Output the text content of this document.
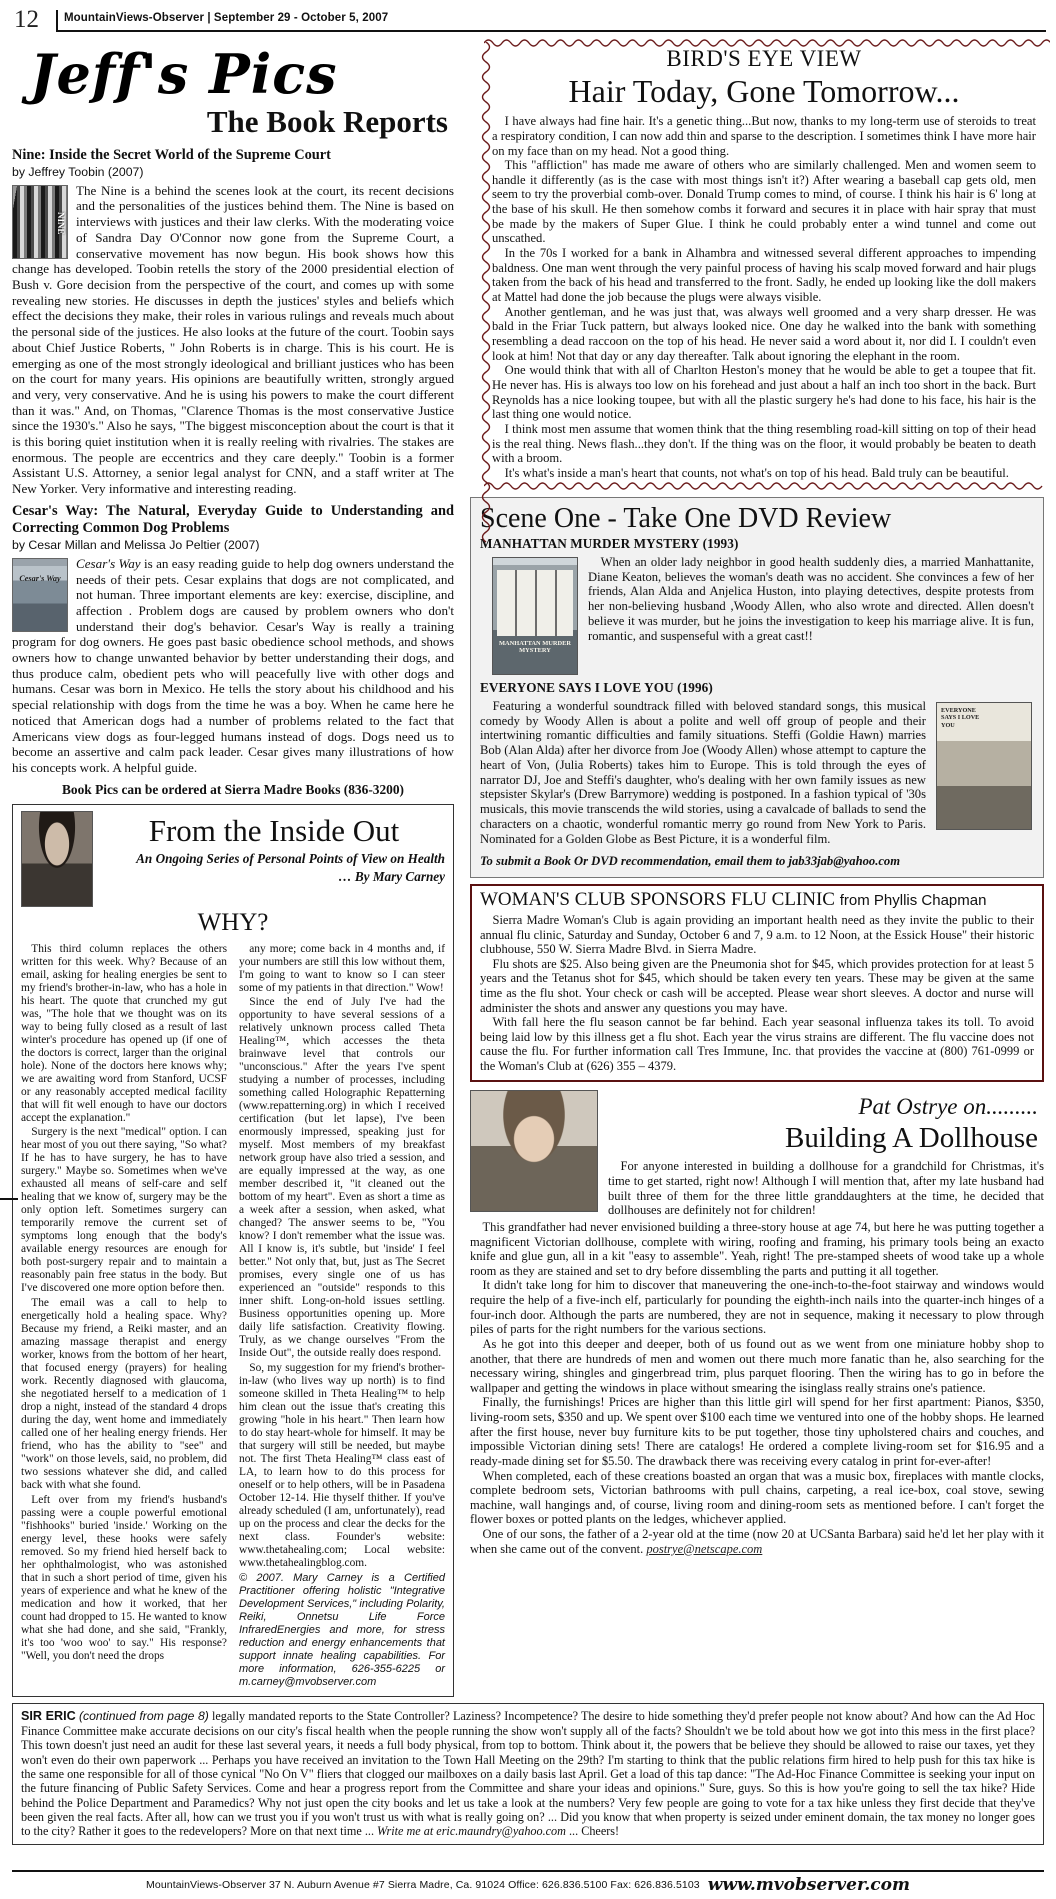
12 MountainViews-Observer | September 29 - October 5, 2007
Jeff's Pics
The Book Reports
Nine: Inside the Secret World of the Supreme Court
by Jeffrey Toobin (2007)
NINE
The Nine is a behind the scenes look at the court, its recent decisions and the personalities of the justices behind them. The Nine is based on interviews with justices and their law clerks. With the moderating voice of Sandra Day O'Connor now gone from the Supreme Court, a conservative movement has now begun. His book shows how this change has developed. Toobin retells the story of the 2000 presidential election of Bush v. Gore decision from the perspective of the court, and comes up with some revealing new stories. He discusses in depth the justices' styles and beliefs which effect the decisions they make, their roles in various rulings and reveals much about the personal side of the justices. He also looks at the future of the court. Toobin says about Chief Justice Roberts, " John Roberts is in charge. This is his court. He is emerging as one of the most strongly ideological and brilliant justices who has been on the court for many years. His opinions are beautifully written, strongly argued and very, very conservative. And he is using his powers to make the court different than it was." And, on Thomas, "Clarence Thomas is the most conservative Justice since the 1930's." Also he says, "The biggest misconception about the court is that it is this boring quiet institution when it is really reeling with rivalries. The stakes are enormous. The people are eccentrics and they care deeply." Toobin is a former Assistant U.S. Attorney, a senior legal analyst for CNN, and a staff writer at The New Yorker. Very informative and interesting reading.
Cesar's Way: The Natural, Everyday Guide to Understanding and Correcting Common Dog Problems
by Cesar Millan and Melissa Jo Peltier (2007)
Cesar's Way
Cesar's Way is an easy reading guide to help dog owners understand the needs of their pets. Cesar explains that dogs are not complicated, and not human. Three important elements are key: exercise, discipline, and affection . Problem dogs are caused by problem owners who don't understand their dog's behavior. Cesar's Way is really a training program for dog owners. He goes past basic obedience school methods, and shows owners how to change unwanted behavior by better understanding their dogs, and thus produce calm, obedient pets who will peacefully live with other dogs and humans. Cesar was born in Mexico. He tells the story about his childhood and his special relationship with dogs from the time he was a boy. When he came here he noticed that American dogs had a number of problems related to the fact that Americans view dogs as four-legged humans instead of dogs. Dogs need us to become an assertive and calm pack leader. Cesar gives many illustrations of how his concepts work. A helpful guide.
Book Pics can be ordered at Sierra Madre Books (836-3200)
From the Inside Out
An Ongoing Series of Personal Points of View on Health
… By Mary Carney
WHY?

This third column replaces the others written for this week. Why? Because of an email, asking for healing energies be sent to my friend's brother-in-law, who has a hole in his heart. The quote that crunched my gut was, "The hole that we thought was on its way to being fully closed as a result of last winter's procedure has opened up (if one of the doctors is correct, larger than the original hole). None of the doctors here knows why; we are awaiting word from Stanford, UCSF or any reasonably accepted medical facility that will fit well enough to have our doctors accept the explanation."

Surgery is the next "medical" option. I can hear most of you out there saying, "So what? If he has to have surgery, he has to have surgery." Maybe so. Sometimes when we've exhausted all means of self-care and self healing that we know of, surgery may be the only option left. Sometimes surgery can temporarily remove the current set of symptoms long enough that the body's available energy resources are enough for both post-surgery repair and to maintain a reasonably pain free status in the body. But I've discovered one more option before then.

The email was a call to help to energetically hold a healing space. Why? Because my friend, a Reiki master, and an amazing massage therapist and energy worker, knows from the bottom of her heart, that focused energy (prayers) for healing work. Recently diagnosed with glaucoma, she negotiated herself to a medication of 1 drop a night, instead of the standard 4 drops during the day, went home and immediately called one of her healing energy friends. Her friend, who has the ability to "see" and "work" on those levels, said, no problem, did two sessions whatever she did, and called back with what she found.

Left over from my friend's husband's passing were a couple powerful emotional "fishhooks" buried 'inside.' Working on the energy level, these hooks were safely removed. So my friend hied herself back to her ophthalmologist, who was astonished that in such a short period of time, given his years of experience and what he knew of the medication and how it worked, that her count had dropped to 15. He wanted to know what she had done, and she said, "Frankly, it's too 'woo woo' to say." His response? "Well, you don't need the drops

any more; come back in 4 months and, if your numbers are still this low without them, I'm going to want to know so I can steer some of my patients in that direction." Wow!

Since the end of July I've had the opportunity to have several sessions of a relatively unknown process called Theta Healing™, which accesses the theta brainwave level that controls our "unconscious." After the years I've spent studying a number of processes, including something called Holographic Repatterning (www.repatterning.org) in which I received certification (but let lapse), I've been enormously impressed, speaking just for myself. Most members of my breakfast network group have also tried a session, and are equally impressed at the way, as one member described it, "it cleaned out the bottom of my heart". Even as short a time as a week after a session, when asked, what changed? The answer seems to be, "You know? I don't remember what the issue was. All I know is, it's subtle, but 'inside' I feel better." Not only that, but, just as The Secret promises, every single one of us has experienced an "outside" responds to this inner shift. Long-on-hold issues settling. Business opportunities opening up. More daily life satisfaction. Creativity flowing. Truly, as we change ourselves "From the Inside Out", the outside really does respond.

So, my suggestion for my friend's brother-in-law (who lives way up north) is to find someone skilled in Theta Healing™ to help him clean out the issue that's creating this growing "hole in his heart." Then learn how to do stay heart-whole for himself. It may be that surgery will still be needed, but maybe not. The first Theta Healing™ class east of LA, to learn how to do this process for oneself or to help others, will be in Pasadena October 12-14. Hie thyself thither. If you've already scheduled (I am, unfortunately), read up on the process and clear the decks for the next class. Founder's website: www.thetahealing.com; Local website: www.thetahealingblog.com.

© 2007. Mary Carney is a Certified Practitioner offering holistic "Integrative Development Services," including Polarity, Reiki, Onnetsu Life Force InfraredEnergies and more, for stress reduction and energy enhancements that support innate healing capabilities. For more information, 626-355-6225 or m.carney@mvobserver.com

BIRD'S EYE VIEW
Hair Today, Gone Tomorrow...

I have always had fine hair. It's a genetic thing...But now, thanks to my long-term use of steroids to treat a respiratory condition, I can now add thin and sparse to the description. I sometimes think I have more hair on my face than on my head. Not a good thing.

This "affliction" has made me aware of others who are similarly challenged. Men and women seem to handle it differently (as is the case with most things isn't it?) After wearing a baseball cap gets old, men seem to try the proverbial comb-over. Donald Trump comes to mind, of course. I think his hair is 6' long at the base of his skull. He then somehow combs it forward and secures it in place with hair spray that must be made by the makers of Super Glue. I think he could probably enter a wind tunnel and come out unscathed.

In the 70s I worked for a bank in Alhambra and witnessed several different approaches to impending baldness. One man went through the very painful process of having his scalp moved forward and hair plugs taken from the back of his head and transferred to the front. Sadly, he ended up looking like the doll makers at Mattel had done the job because the plugs were always visible.

Another gentleman, and he was just that, was always well groomed and a very sharp dresser. He was bald in the Friar Tuck pattern, but always looked nice. One day he walked into the bank with something resembling a dead raccoon on the top of his head. He never said a word about it, nor did I. I couldn't even look at him! Not that day or any day thereafter. Talk about ignoring the elephant in the room.

One would think that with all of Charlton Heston's money that he would be able to get a toupee that fit. He never has. His is always too low on his forehead and just about a half an inch too short in the back. Burt Reynolds has a nice looking toupee, but with all the plastic surgery he's had done to his face, his hair is the last thing one would notice.

I think most men assume that women think that the thing resembling road-kill sitting on top of their head is the real thing. News flash...they don't. If the thing was on the floor, it would probably be beaten to death with a broom.

It's what's inside a man's heart that counts, not what's on top of his head. Bald truly can be beautiful.

Scene One - Take One DVD Review
MANHATTAN MURDER MYSTERY (1993)
MANHATTAN MURDER MYSTERY

When an older lady neighbor in good health suddenly dies, a married Manhattanite, Diane Keaton, believes the woman's death was no accident. She convinces a few of her friends, Alan Alda and Anjelica Huston, into playing detectives, despite protests from her non-believing husband ,Woody Allen, who also wrote and directed. Allen doesn't believe it was murder, but he joins the investigation to keep his marriage alive. It is fun, romantic, and suspenseful with a great cast!!

EVERYONE SAYS I LOVE YOU (1996)
EVERYONE SAYS I LOVE YOU

Featuring a wonderful soundtrack filled with beloved standard songs, this musical comedy by Woody Allen is about a polite and well off group of people and their intertwining romantic difficulties and family situations. Steffi (Goldie Hawn) marries Bob (Alan Alda) after her divorce from Joe (Woody Allen) whose attempt to capture the heart of Von, (Julia Roberts) takes him to Europe. This is told through the eyes of narrator DJ, Joe and Steffi's daughter, who's dealing with her own family issues as new stepsister Skylar's (Drew Barrymore) wedding is postponed. In a fashion typical of '30s musicals, this movie transcends the wild stories, using a cavalcade of ballads to send the characters on a chaotic, wonderful romantic merry go round from New York to Paris. Nominated for a Golden Globe as Best Picture, it is a wonderful film.

To submit a Book Or DVD recommendation, email them to jab33jab@yahoo.com
WOMAN'S CLUB SPONSORS FLU CLINIC from Phyllis Chapman

Sierra Madre Woman's Club is again providing an important health need as they invite the public to their annual flu clinic, Saturday and Sunday, October 6 and 7, 9 a.m. to 12 Noon, at the Essick House" their historic clubhouse, 550 W. Sierra Madre Blvd. in Sierra Madre.

Flu shots are $25. Also being given are the Pneumonia shot for $45, which provides protection for at least 5 years and the Tetanus shot for $45, which should be taken every ten years. These may be given at the same time as the flu shot. Your check or cash will be accepted. Please wear short sleeves. A doctor and nurse will administer the shots and answer any questions you may have.

With fall here the flu season cannot be far behind. Each year seasonal influenza takes its toll. To avoid being laid low by this illness get a flu shot. Each year the virus strains are different. The flu vaccine does not cause the flu. For further information call Tres Immune, Inc. that provides the vaccine at (800) 761-0999 or the Woman's Club at (626) 355 – 4379.

Pat Ostrye on.........
Building A Dollhouse

For anyone interested in building a dollhouse for a grandchild for Christmas, it's time to get started, right now! Although I will mention that, after my late husband had built three of them for the three little granddaughters at the time, he decided that dollhouses are definitely not for children!

This grandfather had never envisioned building a three-story house at age 74, but here he was putting together a magnificent Victorian dollhouse, complete with wiring, roofing and framing, his primary tools being an exacto knife and glue gun, all in a kit "easy to assemble". Yeah, right! The pre-stamped sheets of wood take up a whole room as they are stained and set to dry before dissembling the parts and putting it all together.

It didn't take long for him to discover that maneuvering the one-inch-to-the-foot stairway and windows would require the help of a five-inch elf, particularly for pounding the eighth-inch nails into the quarter-inch hinges of a four-inch door. Although the parts are numbered, they are not in sequence, making it necessary to plow through piles of parts for the right numbers for the various sections.

As he got into this deeper and deeper, both of us found out as we went from one miniature hobby shop to another, that there are hundreds of men and women out there much more fanatic than he, also searching for the necessary wiring, shingles and gingerbread trim, plus parquet flooring. Then the wiring has to go in before the wallpaper and getting the windows in place without smearing the isinglass really strains one's patience.

Finally, the furnishings! Prices are higher than this little girl will spend for her first apartment: Pianos, $350, living-room sets, $350 and up. We spent over $100 each time we ventured into one of the hobby shops. He learned after the first house, never buy furniture kits to be put together, those tiny upholstered chairs and couches, and impossible Victorian dining sets! There are catalogs! He ordered a complete living-room set for $16.95 and a ready-made dining set for $5.50. The drawback there was receiving every catalog in print for-ever-after!

When completed, each of these creations boasted an organ that was a music box, fireplaces with mantle clocks, complete bedroom sets, Victorian bathrooms with pull chains, carpeting, a real ice-box, coal stove, sewing machine, wall hangings and, of course, living room and dining-room sets as mentioned before. I can't forget the flower boxes or potted plants on the ledges, whichever applied.

One of our sons, the father of a 2-year old at the time (now 20 at UCSanta Barbara) said he'd let her play with it when she came out of the convent. postrye@netscape.com

SIR ERIC (continued from page 8) legally mandated reports to the State Controller? Laziness? Incompetence? The desire to hide something they'd prefer people not know about? And how can the Ad Hoc Finance Committee make accurate decisions on our city's fiscal health when the people running the show won't supply all of the facts? Shouldn't we be told about how we got into this mess in the first place? This town doesn't just need an audit for these last several years, it needs a full body physical, from top to bottom. Think about it, the powers that be believe they should be allowed to raise our taxes, yet they won't even do their own paperwork ... Perhaps you have received an invitation to the Town Hall Meeting on the 29th? I'm starting to think that the public relations firm hired to help push for this tax hike is the same one responsible for all of those cynical "No On V" fliers that clogged our mailboxes on a daily basis last April. Get a load of this tap dance: "The Ad-Hoc Finance Committee is seeking your input on the future financing of Public Safety Services. Come and hear a progress report from the Committee and share your ideas and opinions." Sure, guys. So this is how you're going to sell the tax hike? Hide behind the Police Department and Paramedics? Why not just open the city books and let us take a look at the numbers? Very few people are going to vote for a tax hike unless they first decide that they've been given the real facts. After all, how can we trust you if you won't trust us with what is really going on? ... Did you know that when property is seized under eminent domain, the tax money no longer goes to the city? Rather it goes to the redevelopers? More on that next time ... Write me at eric.maundry@yahoo.com ... Cheers!
MountainViews-Observer 37 N. Auburn Avenue #7 Sierra Madre, Ca. 91024 Office: 626.836.5100 Fax: 626.836.5103 www.mvobserver.com
